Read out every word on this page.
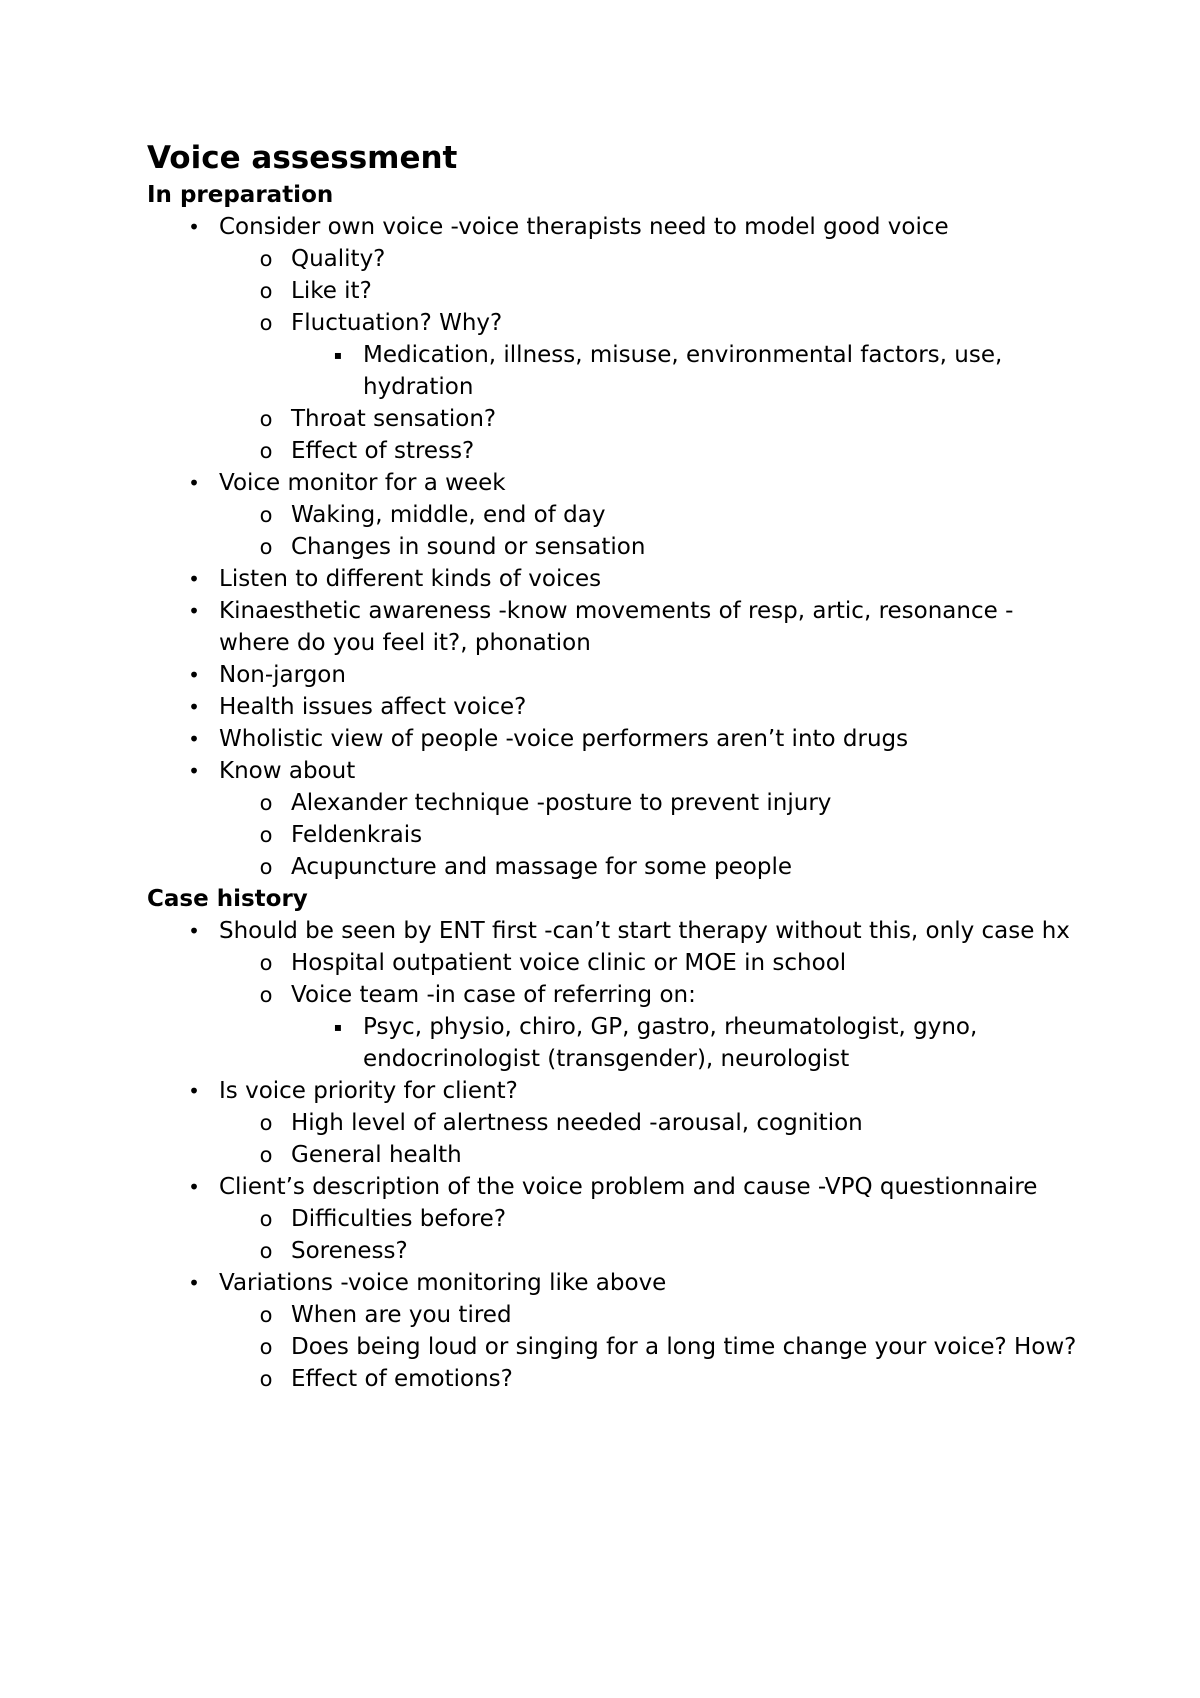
Voice assessment
In preparation
• Consider own voice -voice therapists need to model good voice
o Quality?
o Like it?
o Fluctuation? Why?
▪ Medication, illness, misuse, environmental factors, use, hydration
o Throat sensation?
o Effect of stress?
• Voice monitor for a week
o Waking, middle, end of day
o Changes in sound or sensation
• Listen to different kinds of voices
• Kinaesthetic awareness -know movements of resp, artic, resonance -where do you feel it?, phonation
• Non-jargon
• Health issues affect voice?
• Wholistic view of people -voice performers aren’t into drugs
• Know about
o Alexander technique -posture to prevent injury
o Feldenkrais
o Acupuncture and massage for some people
Case history
• Should be seen by ENT first -can’t start therapy without this, only case hx
o Hospital outpatient voice clinic or MOE in school
o Voice team -in case of referring on:
▪ Psyc, physio, chiro, GP, gastro, rheumatologist, gyno, endocrinologist (transgender), neurologist
• Is voice priority for client?
o High level of alertness needed -arousal, cognition
o General health
• Client’s description of the voice problem and cause -VPQ questionnaire
o Difficulties before?
o Soreness?
• Variations -voice monitoring like above
o When are you tired
o Does being loud or singing for a long time change your voice? How?
o Effect of emotions?
